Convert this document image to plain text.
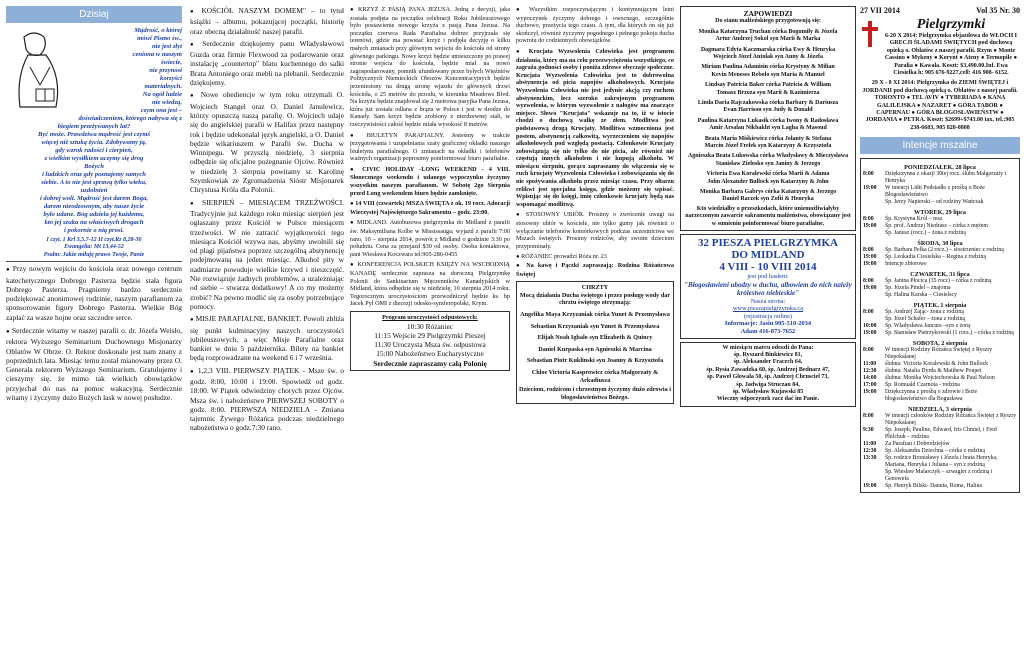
Dzisiaj
Mądrość, o której
mówi Pismo św.,
nie jest złyt
ceniona w naszym
świecie,
nie przynosi
korzyści
materialnych.
Na ogół ludzie
nie wiedzą,
czym ona jest –
doświadczeniem, którego nabywa się z
biegiem przeżywanych lat?
Być może. Prawdziwa mądrość jest czymś
więcej niż sztuką życia. Zdobywamy ją,
gdy wzrok radości i cierpień,
z wielkim wysiłkiem uczymy się drog
Bożych
i ludzkich oraz gdy poznajemy samych
siebie. A to nie jest sprawą tylko wieku,
uzdolnień
i dobrej woli. Mądrość jest darem Boga,
darem nieodzownym, aby nasze życie
było udane. Bóg udziela jej każdemu,
kto jej szuka na właściwych drogach
i pokornie o nią prosi.
I czyt. 1 Krl 3,5.7-12 II czyt.Rz 8,28-30
Ewangelia: Mt 13,44-52
Psalm: Jakże miłuję prawo Twoje, Panie
● Przy nowym wejściu do kościoła oraz nowego centrum katechetycznego Dobrego Pasterza będzie stała figura Dobrego Pasterza. Pragniemy bardzo serdecznie podziękować anonimowej rodzinie, naszym parafianom za sponsorowanie figury Dobrego Pasterza. Wielkie Bóg zapłać za wasze hojne oraz szczodre serce.
● Serdecznie witamy w naszej parafii o. dr. Józefa Weisło, rektora Wyższego Seminarium Duchownego Misjonarzy Oblatów W Obrze. O. Rektor doskonale jest nam znany z poprzednich lata. Miesiąc temu został mianowany przez O. Generała rektorem Wyższego Seminarium. Gratulujemy i cieszymy się, że mimo tak wielkich obowiązków przyjechał do nas na pomoc wakacyjną. Serdecznie witamy i życzymy dużo Bożych łask w nowej posłudze.
● KOŚCIÓŁ NASZYM DOMEM" – to tytuł książki – albumu, pokazującej początki, historię oraz obecną działalność naszej parafii.
● Serdecznie dziękujemy panu Władysławowi Guzda oraz firmie Flexwood za podarowanie oraz instalację „countertop" blatu kuchennego do salki Brata Antoniego oraz mebli na plebanii. Serdecznie dziękujemy.
● Nowe obediencje w tym roku otrzymali O. Wojciech Stangel oraz O. Daniel Janulewicz, którzy opuszczą naszą parafię. O. Wojciech udaje się do angielskiej parafii w Halifax przez następny rok i będzie udekonalał język angielski, a O. Daniel będzie wikariuszem w Parafii św. Ducha w Winnipegu. W przyszłą niedzielę, 3 sierpnia odbędzie się oficjalne pożegnanie Ojców. Również w niedzielę 3 sierpnia powitamy sr. Karolinę Szymkowiak ze Zgromadzenia Sióstr Misjonarek Chrystusa Króla dla Polonii.
● SIERPIEŃ – MIESIĄCEM TRZEŹWOŚCI. Tradycyjnie już każdego roku miesiąc sierpień jest ogłaszany przez Kościół w Polsce miesiącem trzeźwości. W nie zatracić wyjątkowości tego miesiąca Kościół wzywa nas, abyśmy uwolnili się od plagi pijaństwa poprzez szczególną abstynencję podejmowaną na jeden miesiąc. Alkohol pity w nadmiarze powoduje wielkie krzywd i nieszczęść. Nie rozwiązuje żadnych problemów, a uzależniając od siebie – stwarza dodatkowy! A co my możemy zrobić? Na pewno modlić się za osoby potrzebujące pomocy.
● MISJE PARAFIALNE, BANKIET. Powoli zbliża się punkt kulminacyjny naszych uroczystości jubileuszowych, a więc Misje Parafialne oraz bankiet w dniu 5 października. Bilety na bankiet będą rozprowadzane na weekend 6 i 7 września.
● 1,2,3 VIII. PIERWSZY PIĄTEK - Msze św. o godz. 8:00, 10:00 i 19:00. Spowiedź od godz. 18:00. W Piątek odwiedziny chorych przez Ojców. Msza św. i nabożeństwo PIERWSZEJ SOBOTY o godz. 8:00. PIERWSZA NIEDZIELA - Zmiana tajemnic Żywego Różańca podczas niedzielnego nabożeństwa o godz.7:30 rano.
● KRZYŻ Z PASJĄ PANA JEZUSA. Jedną z decyzji, jaka została podjęta na początku celebracji Roku Jubileuszowego było postawienie nowego krzyża z pasją Pana Jezusa. Na początku czerwca Rada Parafialna dobrze przyjrzała się terenowi, gdzie ma powstać krzyż i podjęła decyzję o kilku małych zmianach przy głównym wejściu do kościoła od strony głównego parkingu. Nowy krzyż będzie umieszczony po prawej stronie wejścia do kościoła, będzie miał na nowo zagospodarowany, pomnik ufundowany przez byłych Więźniów Politycznych Niemieckich Obozów Koncentracyjnych będzie przeniesiony na drugą stronę wjazdu do głównych drzwi kościoła, o 25 metrów do przodu, w kierunku Meadows Blvd. Na krzyżu będzie znajdował się 2 metrowa pasyjka Pana Jezusa, która już została odlana z brązu w Polsce i jest w drodze do Kanady. Sam krzyż będzie zrobiony z nierdzewnej stali, w rzeczywistości całość będzie miała wysokość 8 metrów.
● BIULETYN PARAFIALNY. Jesteśmy w trakcie przygotowania i uzupełniania szaty graficznej okładki naszego biuletynu parafialnego. O zmianach na okładki i telefonów ważnych organizacji poprosimy poinformować biuro parafialne.
● CIVIC HOLIDAY -LONG WEEKEND - 4 VIII. Słonecznego weekendu i udanego wypoczynku życzymy wszystkim naszym parafianom. W Sobotę 2go Sierpnia przed Long weekendem biuro będzie zamknięte.
● 14 VIII (czwartek) MSZA ŚWIĘTA z ok. 19 rocz. Adoracji Wieczystej Najświętszego Sakramentu – godz. 23:00.
● MIDLAND. Autobusowa pielgrzymka do Midland z parafii św. Maksymiliana Kolbe w Mississauga; wyjazd z parafii 7:00 rano, 10 – sierpnia 2014, powrót z Midland o godzinie 3:30 po południu. Cena za przejazd $30 od osoby. Osoba kontaktowa, pani Wiesława Koczwara tel:905-286-0455
● KONFERENCJA POLSKICH KSIĘŻY NA WSCHODNIĄ KANADĘ serdecznie zaprasza na doroczną Pielgrzymkę Polonii do Sanktuarium Męczenników Kanadyjskich w Midland, która odbędzie się w niedzielę, 10 sierpnia 2014 roku. Tegorocznym uroczystościom przewodniczył będzie ks. bp Jacek Pyl OMI z diecezji odesko-symferopolski, Krym.
Program uroczystości odpustowych:
10:30 Różaniec
11:15 Wejście 29 Pielgrzymki Pieszej
11:30 Uroczysta Msza św. odpustowa
15:00 Nabożeństwo Eucharystyczne
Serdecznie zapraszamy całą Polonię
● Wszystkim rozpoczynającym i kontynuującym letni wypoczynek życzymy dobrego i owocnego, szczególnie duchowo, przeżycia tego czasu. A tym, dla których on się już skończył, również życzymy pogodnego i pełnego pokoju ducha powrotu do codziennych obowiązków.
● Krucjata Wyzwolenia Człowieka jest programem działania, który ma na celu przezwyciężenia wszystkiego, co zagraża godności osoby i poniża zdrowe obyczaje społeczne. Krucjata Wyzwolenia Człowieka jest to dobrowolna abstynencja od picia napojów alkoholowych. Krucjata Wyzwolenia Człowieka nie jest jedynie akcją czy ruchem abstynenckim, lecz szeroko zakrojonym programem wyzwolenia, w którym wyzwolenie z nałogów ma znaczące miejsce. Słowo "Krucjata" wskazuje na to, iż w istocie chodzi o duchową walkę ze złem. Modlitwa jest podstawową drogą Krucjaty. Modlitwa wzmocniona jest postem, abstynencją całkowitą, wyrzeczeniem się napojów alkoholowych pod względą postacią. Członkowie Krucjaty zobowiązują się nie tylko do nie picia, ale również nie częstują innych alkoholem i nie kupują alkoholu. W miesiącu sierpniu, gorąco zapraszamy do włączenia się w ruch krucjaty Wyzwolenia Człowieka i zobowiązania się do nie spożywania alkoholu przez miesiąc czasu. Przy ołtarzu relikwi jest specjalna księga, gdzie możemy się wpisać. Wpisując się do księgi, imię członkowie krucjaty będą nas wspomagać modlitwą.
● STOSOWNY UBIÓR. Prosimy o zwrócenie uwagi na stosowny ubiór w kościele, nie tylko gumy jak również o wyłączanie telefonów komórkowych podczas uczestnictwa we Mszach świętych. Prosimy rodziców, aby swoim dzieciom przypominały.
● RÓŻANIEC prowadzi Róża nr. 23
● Na kawę i Pączki zapraszają: Rodzina Różańcowa Świętej
CHRZTY
Mocą działania Ducha świętego i przez posługę wody dar chrztu świętego otrzymają:
Angelika Maya Krzyzaniak córka Yunet & Przemysława
Sebastian Krzyzaniak syn Yunet & Przemysława
Elijah Noah Ighalo syn Elizabeth & Quincy
Daniel Kurpaska syn Agnieszki & Marcina
Sebastian Piotr Kuklinski syn Joanny & Krzysztofa
Chloe Victoria Kasprowicz córka Małgorzaty & Arkadiusza
Dzieciom, rodzicom i chrzestnym życzymy dużo zdrowia i błogosławieństwa Bożego.
ZAPOWIEDZI
Do stanu małżeńskiego przygotowują się:
Monika Katarzyna Truchan córka Bogumiły & Józefa
Artur Andrzej Sokol syn Marii & Marka
Dagmara Edyta Kaczmarska córka Ewy & Henryka
Wojciech Józef Antolak syn Anny & Józefa
Miriam Paulina Adamisin córka Krystyny & Milian
Kevin Meneses Rebolo syn Maria & Manuel
Lindsay Patricia Baker córka Patricia & William
Tomasz Brzoza syn Marii & Kazimierza
Linda Daria Rajczakowska córka Barbary & Dariusza
Evan Harrison syn Judy & Donald
Paulina Katarzyna Lukasik córka Iwony & Radosława
Amir Arsalan Nikbakht syn Lagha & Masoud
Beata Maria Miśkiewicz córka Jolanty & Stefana
Marcin Józef Frelek syn Katarzyny & Krzysztofa
Agnieszka Beata Lukowska córka Władysławy & Mieczysława
Stanisław Zielosko syn Janiny & Jerzego
Victoria Ewa Koralewski córka Marii & Adama
John Alexander Bullock syn Katarzyny & John
Monika Barbara Gabrys córka Katarzyny & Jerzego
Daniel Raczek syn Zofii & Henryka
Kto wiedziałby o przeszkodach, które uniemożliwiałyby narzeczonym zawarcie sakramentu małżeństwa, obowiązany jest w sumieniu poinformować biuro parafialne.
32 PIESZA PIELGRZYMKA
DO MIDLAND
4 VIII - 10 VIII 2014
jest pod hasłem:
"Błogosławieni ubodzy w duchu, albowiem do nich należy królestwo niebieskie"
Nasza strona:
www.pieszapielgrzymka.ca
(rejestracja online)
Informacje: Jasiu 905-510-2034
Adam 416-873-7652
W miesiącu marcu odeszli do Pana:
śp. Ryszard Binkiewicz 81,
śp. Aleksander Fracech 64,
śp. Rysia Zawadzka 60, śp. Andrzej Bednarz 47,
śp. Paweł Glowala 50, śp. Andrzej Chrusciel 73,
śp. Jadwiga Struczan 84,
śp. Władysław Kujawski 85
Wieczny odpoczynek racz dać im Panie.
27 VII 2014	Vol 35 Nr. 30
Pielgrzymki
6-20 X 2014: Pielgrzymka objazdowa do WŁOCH I GRECJI ŚLADAMI ŚWIĘTYCH pod duchową opieką o. Oblatów z naszej parafii. Rzym ● Monte Cassino ● Mykeny ● Korynt ● Ateny ● Termopile ● Paralia ● Kawala. Koszt: $3,490.00.Inf. Ewa Ciesielka h: 905 676-9227,cell: 416 908- 6152.
29 X - 8 XI 2014: Pielgrzymka do ZIEMI ŚWIĘTEJ i JORDANII pod duchową opieką o. Oblatów z naszej parafii. TORONTO ● TEL AVIV ● TYBERIADA ● KANA GALILEJSKA ● NAZARET ● GÓRA TABOR ● CAPERNAU ● GÓRA BŁOGOSŁAWIEŃSTW ● JORDANIA ● PETRA. Koszt: $2699+$743.00 tax, tel.:905 238-6683, 905 820-0808
Intencje mszalne
PONIEDZIAŁEK, 28 lipca
8:00	Dziękczynna z okazji 30tej rocz. ślubu Małgorzaty i Henryka
19:00	W intencji Lidii Podsiadło z prośbą o Boże Błogosławieństwo
Śp. Jerzy Napierski – od rodziny Wańczak
WTOREK, 29 lipca
8:00	Śp. Krystyna Król – msz
19:00	Śp. prof. Andrzej Niedrasz – córka z mężem
Śp. Janusz (rocz.) – żona z rodziną
ŚRODA, 30 lipca
8:00	Śp. Barbara Pelka (2 rocz.) – siostrzeniec z rodziną
19:00	Śp. Leokadia Ciesielska – Regina z rodziną
19:00	Intencje zbiorowe
CZWARTEK, 31 lipca
8:00	Śp. Janina Płocica (35 rocz) – córka z rodziną
19:00	Śp. Józefa Pindel – znajoma
Śp. Halina Karska – Ciesielscy
PIĄTEK, 1 sierpnia
8:00	Śp. Andrzej Zając- żona z rodziną
Śp. Józef Schafer – żona z rodziną
10:00	Śp. Władysława Jancura –syn z żoną
19:00	Śp. Stanisław Pietrzykowski (1 rocz.) – córka z rodziną
SOBOTA, 2 sierpnia
8:00	W intencji Rodziny Różańca Świętej z Ryszry Niepokalanej
11:00	ślubna: Victoria Koralewski & John Bullock
12:30	ślubna: Natalia Dyrda & Matthew Poupet
14:00	ślubna: Monika Wojciechowska & Paul Nelson
17:00	Śp. Romuald Czarnota - rodzina
19:00	Dziękczynna z prośbą o zdrowie i Boże błogosławieństwo dla Bogusława
NIEDZIELA, 3 sierpnia
8:00	W intencji członków Rodziny Różańca Świętej z Ryszry Niepokalanej
9:30	Śp. Joseph, Pauline, Edward, Iris Chmiel, i Fred Philchuk – rodzina
11:00	Za Parafian i Dobrodziejów
12:30	Śp. Aleksandra Dziechna – córka z rodziną
13:30	Śp. rodzice Bronisławy i Józefa i brata Henryka, Mariana, Henryka i Juliana – syn z rodziną
Śp. Wiesław Malarczyk – szwagier z rodziną i Genowefa
19:00	Śp. Henryk Bilski- Danuta, Roma, Halina
